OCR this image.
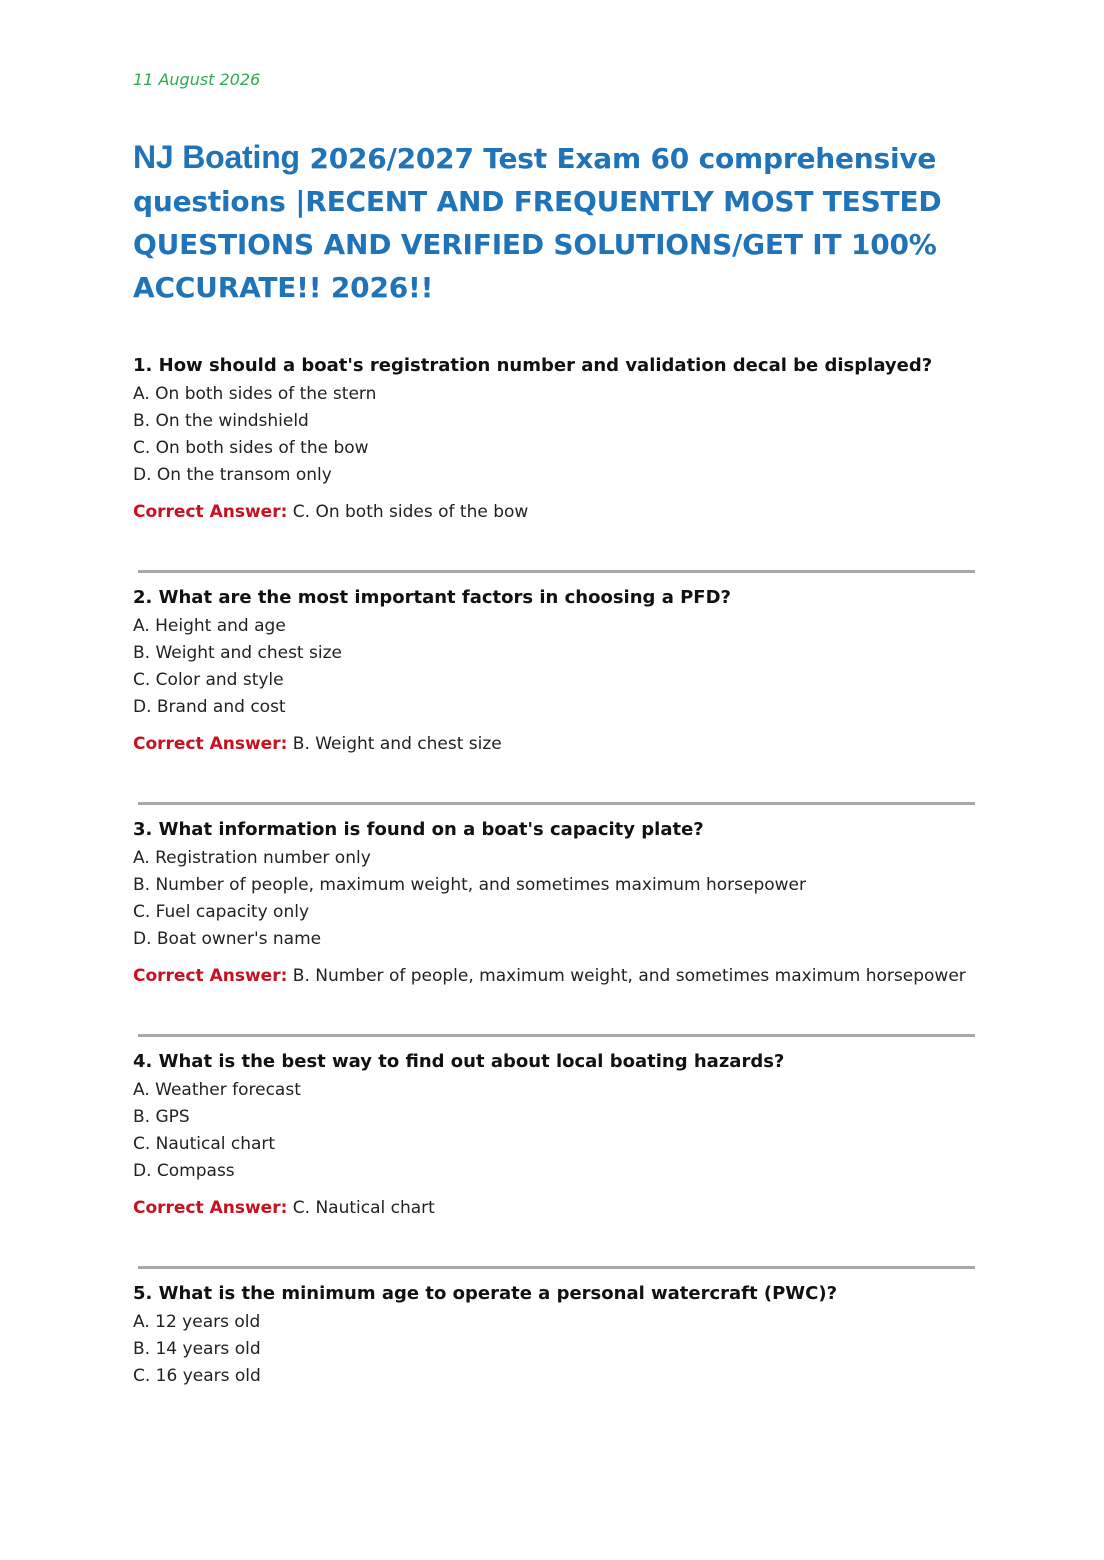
11 August 2026

NJ Boating 2026/2027 Test Exam 60 comprehensive questions |RECENT AND FREQUENTLY MOST TESTED QUESTIONS AND VERIFIED SOLUTIONS/GET IT 100% ACCURATE!! 2026!!

1. How should a boat's registration number and validation decal be displayed?

A. On both sides of the stern
B. On the windshield
C. On both sides of the bow
D. On the transom only

Correct Answer: C. On both sides of the bow

2. What are the most important factors in choosing a PFD?

A. Height and age
B. Weight and chest size
C. Color and style
D. Brand and cost

Correct Answer: B. Weight and chest size

3. What information is found on a boat's capacity plate?

A. Registration number only
B. Number of people, maximum weight, and sometimes maximum horsepower
C. Fuel capacity only
D. Boat owner's name

Correct Answer: B. Number of people, maximum weight, and sometimes maximum horsepower

4. What is the best way to find out about local boating hazards?

A. Weather forecast
B. GPS
C. Nautical chart
D. Compass

Correct Answer: C. Nautical chart

5. What is the minimum age to operate a personal watercraft (PWC)?

A. 12 years old
B. 14 years old
C. 16 years old
